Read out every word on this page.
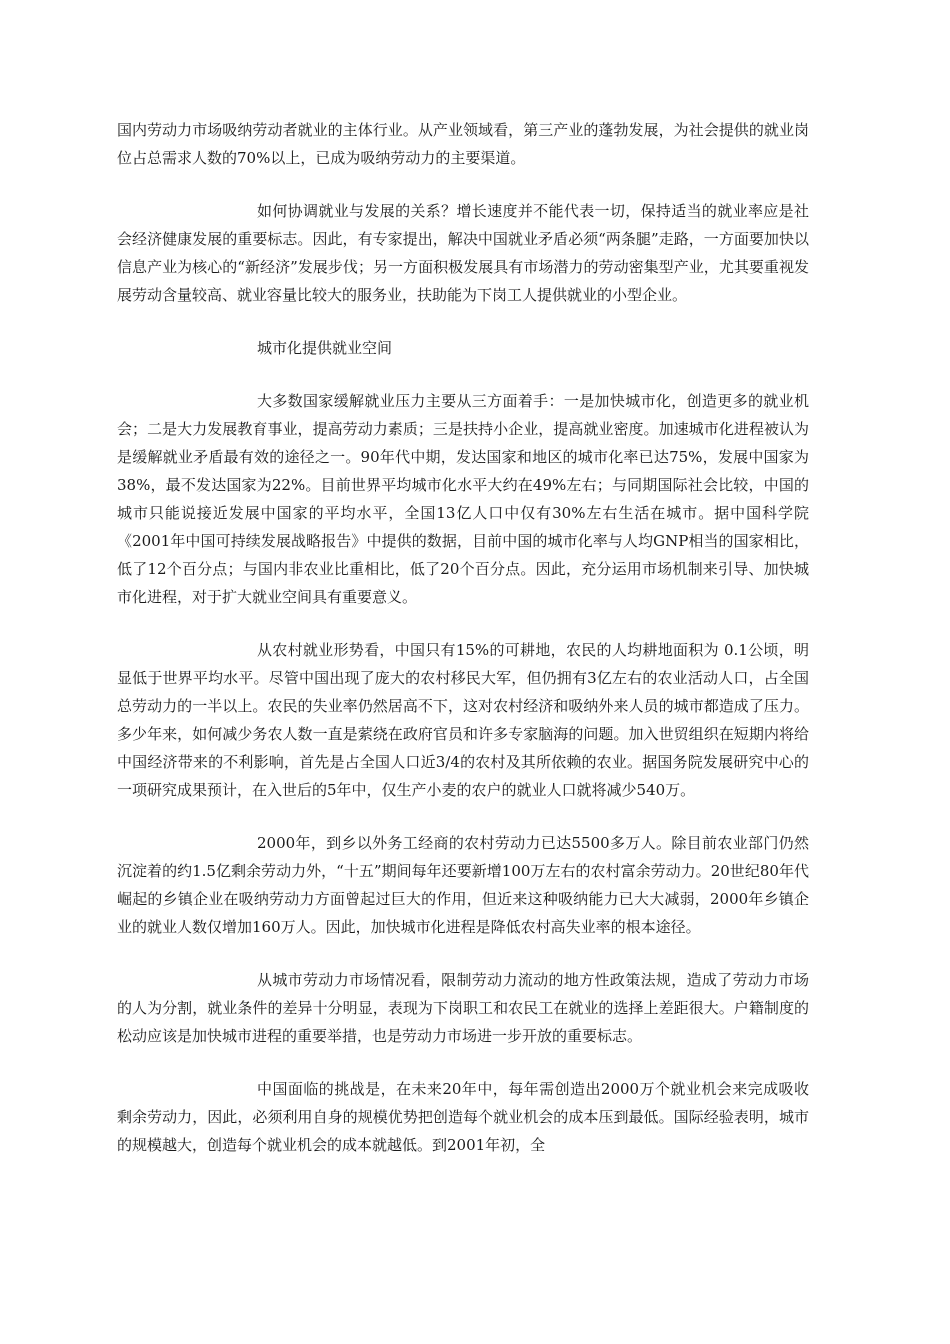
国内劳动力市场吸纳劳动者就业的主体行业。从产业领域看，第三产业的蓬勃发展，为社会提供的就业岗位占总需求人数的70%以上，已成为吸纳劳动力的主要渠道。

如何协调就业与发展的关系？增长速度并不能代表一切，保持适当的就业率应是社会经济健康发展的重要标志。因此，有专家提出，解决中国就业矛盾必须“两条腿”走路，一方面要加快以信息产业为核心的“新经济”发展步伐；另一方面积极发展具有市场潜力的劳动密集型产业，尤其要重视发展劳动含量较高、就业容量比较大的服务业，扶助能为下岗工人提供就业的小型企业。

城市化提供就业空间

大多数国家缓解就业压力主要从三方面着手：一是加快城市化，创造更多的就业机会；二是大力发展教育事业，提高劳动力素质；三是扶持小企业，提高就业密度。加速城市化进程被认为是缓解就业矛盾最有效的途径之一。90年代中期，发达国家和地区的城市化率已达75%，发展中国家为38%，最不发达国家为22%。目前世界平均城市化水平大约在49%左右；与同期国际社会比较，中国的城市只能说接近发展中国家的平均水平，全国13亿人口中仅有30%左右生活在城市。据中国科学院《2001年中国可持续发展战略报告》中提供的数据，目前中国的城市化率与人均GNP相当的国家相比，低了12个百分点；与国内非农业比重相比，低了20个百分点。因此，充分运用市场机制来引导、加快城市化进程，对于扩大就业空间具有重要意义。

从农村就业形势看，中国只有15%的可耕地，农民的人均耕地面积为 0.1公顷，明显低于世界平均水平。尽管中国出现了庞大的农村移民大军，但仍拥有3亿左右的农业活动人口，占全国总劳动力的一半以上。农民的失业率仍然居高不下，这对农村经济和吸纳外来人员的城市都造成了压力。多少年来，如何减少务农人数一直是萦绕在政府官员和许多专家脑海的问题。加入世贸组织在短期内将给中国经济带来的不利影响，首先是占全国人口近3/4的农村及其所依赖的农业。据国务院发展研究中心的一项研究成果预计，在入世后的5年中，仅生产小麦的农户的就业人口就将减少540万。

2000年，到乡以外务工经商的农村劳动力已达5500多万人。除目前农业部门仍然沉淀着的约1.5亿剩余劳动力外，“十五”期间每年还要新增100万左右的农村富余劳动力。20世纪80年代崛起的乡镇企业在吸纳劳动力方面曾起过巨大的作用，但近来这种吸纳能力已大大减弱，2000年乡镇企业的就业人数仅增加160万人。因此，加快城市化进程是降低农村高失业率的根本途径。

从城市劳动力市场情况看，限制劳动力流动的地方性政策法规，造成了劳动力市场的人为分割，就业条件的差异十分明显，表现为下岗职工和农民工在就业的选择上差距很大。户籍制度的松动应该是加快城市进程的重要举措，也是劳动力市场进一步开放的重要标志。

中国面临的挑战是，在未来20年中，每年需创造出2000万个就业机会来完成吸收剩余劳动力，因此，必须利用自身的规模优势把创造每个就业机会的成本压到最低。国际经验表明，城市的规模越大，创造每个就业机会的成本就越低。到2001年初，全
